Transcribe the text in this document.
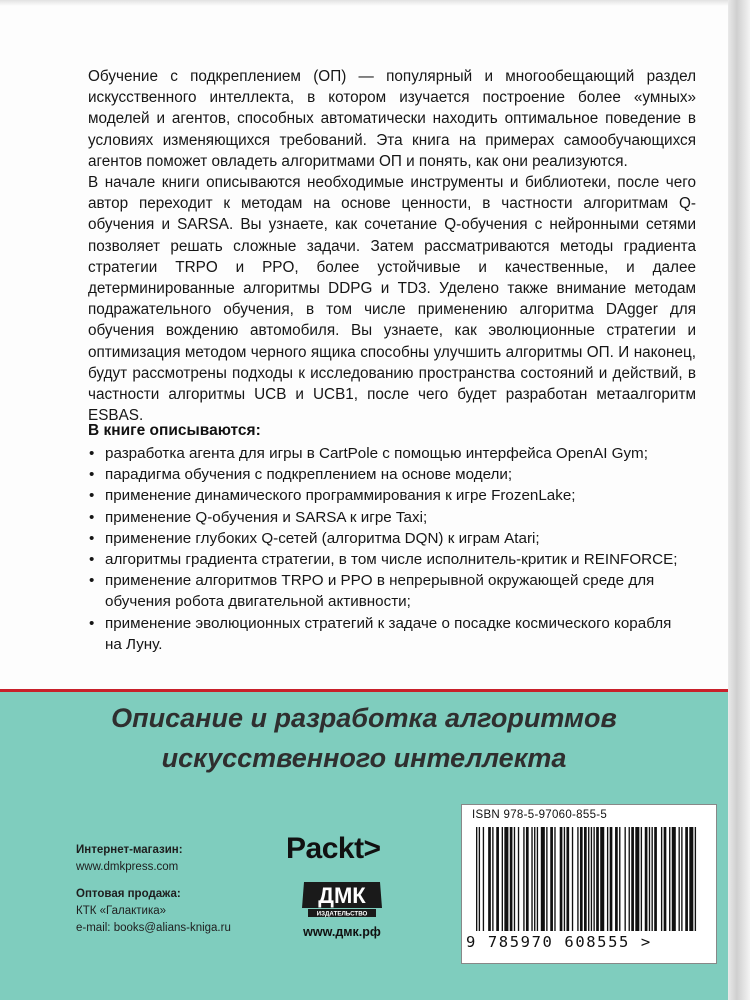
Обучение с подкреплением (ОП) — популярный и многообещающий раздел искусственного интеллекта, в котором изучается построение более «умных» моделей и агентов, способных автоматически находить оптимальное поведение в условиях изменяющихся требований. Эта книга на примерах самообучающихся агентов поможет овладеть алгоритмами ОП и понять, как они реализуются.

В начале книги описываются необходимые инструменты и библиотеки, после чего автор переходит к методам на основе ценности, в частности алгоритмам Q-обучения и SARSA. Вы узнаете, как сочетание Q-обучения с нейронными сетями позволяет решать сложные задачи. Затем рассматриваются методы градиента стратегии TRPO и PPO, более устойчивые и качественные, и далее детерминированные алгоритмы DDPG и TD3. Уделено также внимание методам подражательного обучения, в том числе применению алгоритма DAgger для обучения вождению автомобиля. Вы узнаете, как эволюционные стратегии и оптимизация методом черного ящика способны улучшить алгоритмы ОП. И наконец, будут рассмотрены подходы к исследованию пространства состояний и действий, в частности алгоритмы UCB и UCB1, после чего будет разработан метаалгоритм ESBAS.

В книге описываются:
• разработка агента для игры в CartPole с помощью интерфейса OpenAI Gym;
• парадигма обучения с подкреплением на основе модели;
• применение динамического программирования к игре FrozenLake;
• применение Q-обучения и SARSA к игре Taxi;
• применение глубоких Q-сетей (алгоритма DQN) к играм Atari;
• алгоритмы градиента стратегии, в том числе исполнитель-критик и REINFORCE;
• применение алгоритмов TRPO и PPO в непрерывной окружающей среде для обучения робота двигательной активности;
• применение эволюционных стратегий к задаче о посадке космического корабля на Луну.
Описание и разработка алгоритмов
искусственного интеллекта
Интернет-магазин:
www.dmkpress.com
Оптовая продажа:
КТК «Галактика»
e-mail: books@alians-kniga.ru
Packt>
ДМК
ИЗДАТЕЛЬСТВО
www.дмк.рф
ISBN 978-5-97060-855-5
9 785970 608555 >
